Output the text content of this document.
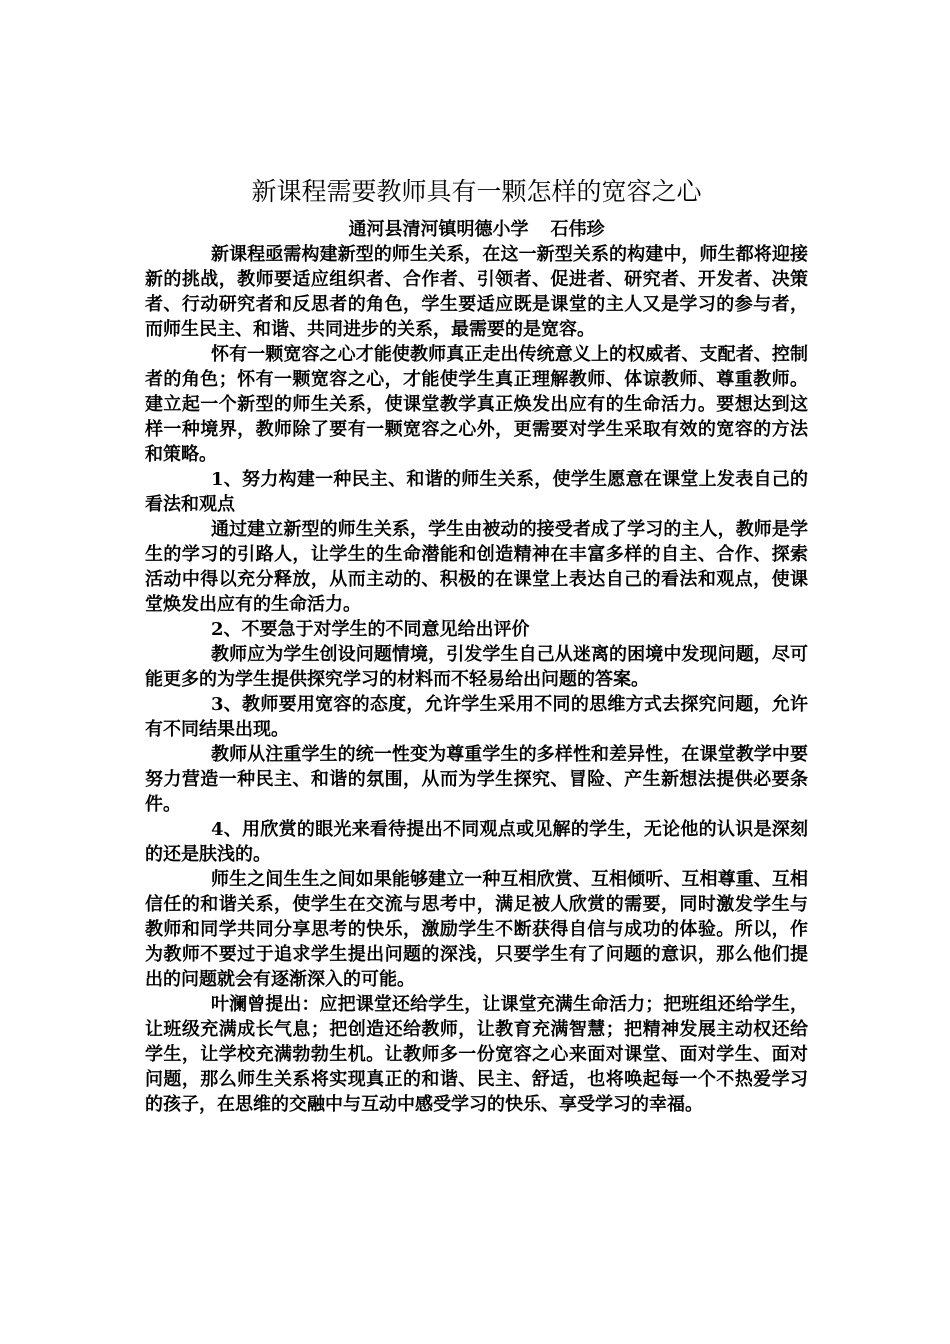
新课程需要教师具有一颗怎样的宽容之心

通河县清河镇明德小学 石伟珍

新课程亟需构建新型的师生关系，在这一新型关系的构建中，师生都将迎接新的挑战，教师要适应组织者、合作者、引领者、促进者、研究者、开发者、决策者、行动研究者和反思者的角色，学生要适应既是课堂的主人又是学习的参与者，而师生民主、和谐、共同进步的关系，最需要的是宽容。

怀有一颗宽容之心才能使教师真正走出传统意义上的权威者、支配者、控制者的角色；怀有一颗宽容之心，才能使学生真正理解教师、体谅教师、尊重教师。建立起一个新型的师生关系，使课堂教学真正焕发出应有的生命活力。要想达到这样一种境界，教师除了要有一颗宽容之心外，更需要对学生采取有效的宽容的方法和策略。

1、努力构建一种民主、和谐的师生关系，使学生愿意在课堂上发表自己的看法和观点

通过建立新型的师生关系，学生由被动的接受者成了学习的主人，教师是学生的学习的引路人，让学生的生命潜能和创造精神在丰富多样的自主、合作、探索活动中得以充分释放，从而主动的、积极的在课堂上表达自己的看法和观点，使课堂焕发出应有的生命活力。

2、不要急于对学生的不同意见给出评价

教师应为学生创设问题情境，引发学生自己从迷离的困境中发现问题，尽可能更多的为学生提供探究学习的材料而不轻易给出问题的答案。

3、教师要用宽容的态度，允许学生采用不同的思维方式去探究问题，允许有不同结果出现。

教师从注重学生的统一性变为尊重学生的多样性和差异性，在课堂教学中要努力营造一种民主、和谐的氛围，从而为学生探究、冒险、产生新想法提供必要条件。

4、用欣赏的眼光来看待提出不同观点或见解的学生，无论他的认识是深刻的还是肤浅的。

师生之间生生之间如果能够建立一种互相欣赏、互相倾听、互相尊重、互相信任的和谐关系，使学生在交流与思考中，满足被人欣赏的需要，同时激发学生与教师和同学共同分享思考的快乐，激励学生不断获得自信与成功的体验。所以，作为教师不要过于追求学生提出问题的深浅，只要学生有了问题的意识，那么他们提出的问题就会有逐渐深入的可能。

叶澜曾提出：应把课堂还给学生，让课堂充满生命活力；把班组还给学生，让班级充满成长气息；把创造还给教师，让教育充满智慧；把精神发展主动权还给学生，让学校充满勃勃生机。让教师多一份宽容之心来面对课堂、面对学生、面对问题，那么师生关系将实现真正的和谐、民主、舒适，也将唤起每一个不热爱学习的孩子，在思维的交融中与互动中感受学习的快乐、享受学习的幸福。
